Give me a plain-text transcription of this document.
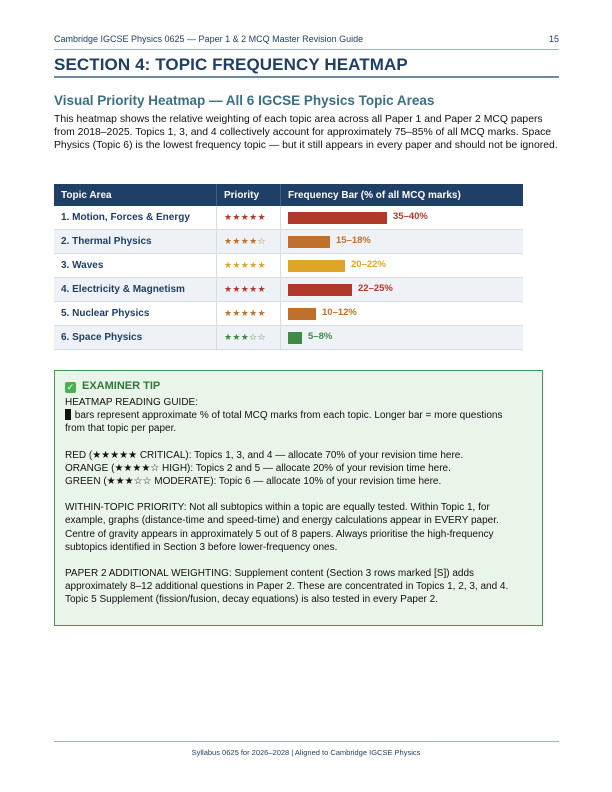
Cambridge IGCSE Physics 0625 — Paper 1 & 2 MCQ Master Revision Guide	15
SECTION 4: TOPIC FREQUENCY HEATMAP
Visual Priority Heatmap — All 6 IGCSE Physics Topic Areas
This heatmap shows the relative weighting of each topic area across all Paper 1 and Paper 2 MCQ papers from 2018–2025. Topics 1, 3, and 4 collectively account for approximately 75–85% of all MCQ marks. Space Physics (Topic 6) is the lowest frequency topic — but it still appears in every paper and should not be ignored.
Topic Area	Priority	Frequency Bar (% of all MCQ marks)
1. Motion, Forces & Energy	★★★★★	35–40%

2. Thermal Physics	★★★★☆	15–18%

3. Waves	★★★★★	20–22%

4. Electricity & Magnetism	★★★★★	22–25%

5. Nuclear Physics	★★★★★	10–12%

6. Space Physics	★★★☆☆	5–8%
✓ EXAMINER TIP

HEATMAP READING GUIDE:
bars represent approximate % of total MCQ marks from each topic. Longer bar = more questions from that topic per paper.

RED (★★★★★ CRITICAL): Topics 1, 3, and 4 — allocate 70% of your revision time here.
ORANGE (★★★★☆ HIGH): Topics 2 and 5 — allocate 20% of your revision time here.
GREEN (★★★☆☆ MODERATE): Topic 6 — allocate 10% of your revision time here.

WITHIN-TOPIC PRIORITY: Not all subtopics within a topic are equally tested. Within Topic 1, for example, graphs (distance-time and speed-time) and energy calculations appear in EVERY paper. Centre of gravity appears in approximately 5 out of 8 papers. Always prioritise the high-frequency subtopics identified in Section 3 before lower-frequency ones.

PAPER 2 ADDITIONAL WEIGHTING: Supplement content (Section 3 rows marked [S]) adds approximately 8–12 additional questions in Paper 2. These are concentrated in Topics 1, 2, 3, and 4. Topic 5 Supplement (fission/fusion, decay equations) is also tested in every Paper 2.

Syllabus 0625 for 2026–2028 | Aligned to Cambridge IGCSE Physics
